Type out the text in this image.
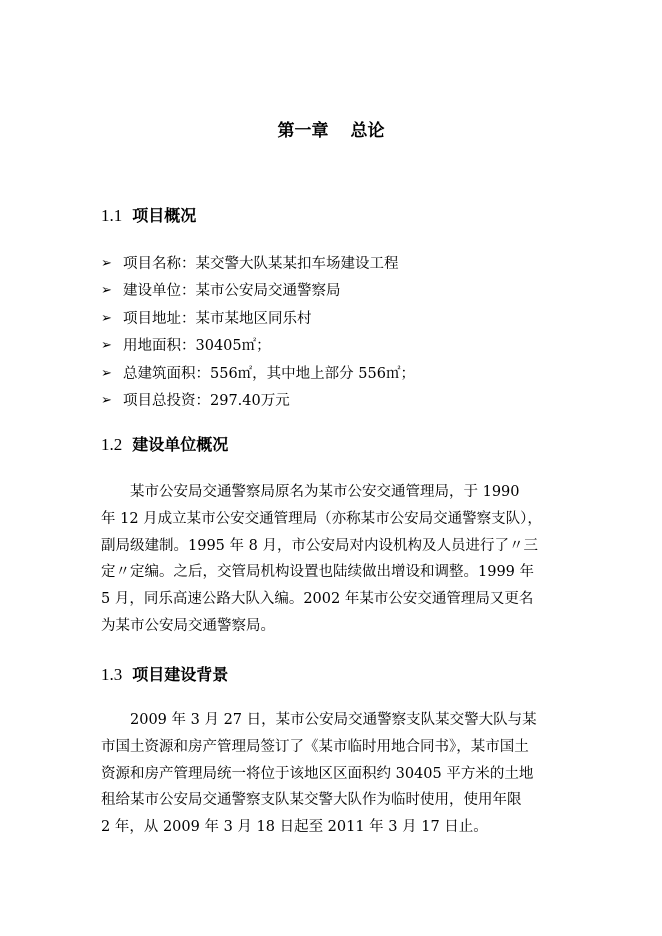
第一章 总论
1.1 项目概况
➢ 项目名称：某交警大队某某扣车场建设工程
➢ 建设单位：某市公安局交通警察局
➢ 项目地址：某市某地区同乐村
➢ 用地面积：30405㎡；
➢ 总建筑面积：556㎡，其中地上部分 556㎡；
➢ 项目总投资：297.40万元
1.2 建设单位概况

　　某市公安局交通警察局原名为某市公安交通管理局，于 1990
年 12 月成立某市公安交通管理局（亦称某市公安局交通警察支队），
副局级建制。1995 年 8 月，市公安局对内设机构及人员进行了〃三
定〃定编。之后，交管局机构设置也陆续做出增设和调整。1999 年
5 月，同乐高速公路大队入编。2002 年某市公安交通管理局又更名
为某市公安局交通警察局。

1.3 项目建设背景

　　2009 年 3 月 27 日，某市公安局交通警察支队某交警大队与某
市国土资源和房产管理局签订了《某市临时用地合同书》，某市国土
资源和房产管理局统一将位于该地区区面积约 30405 平方米的土地
租给某市公安局交通警察支队某交警大队作为临时使用，使用年限
2 年，从 2009 年 3 月 18 日起至 2011 年 3 月 17 日止。
